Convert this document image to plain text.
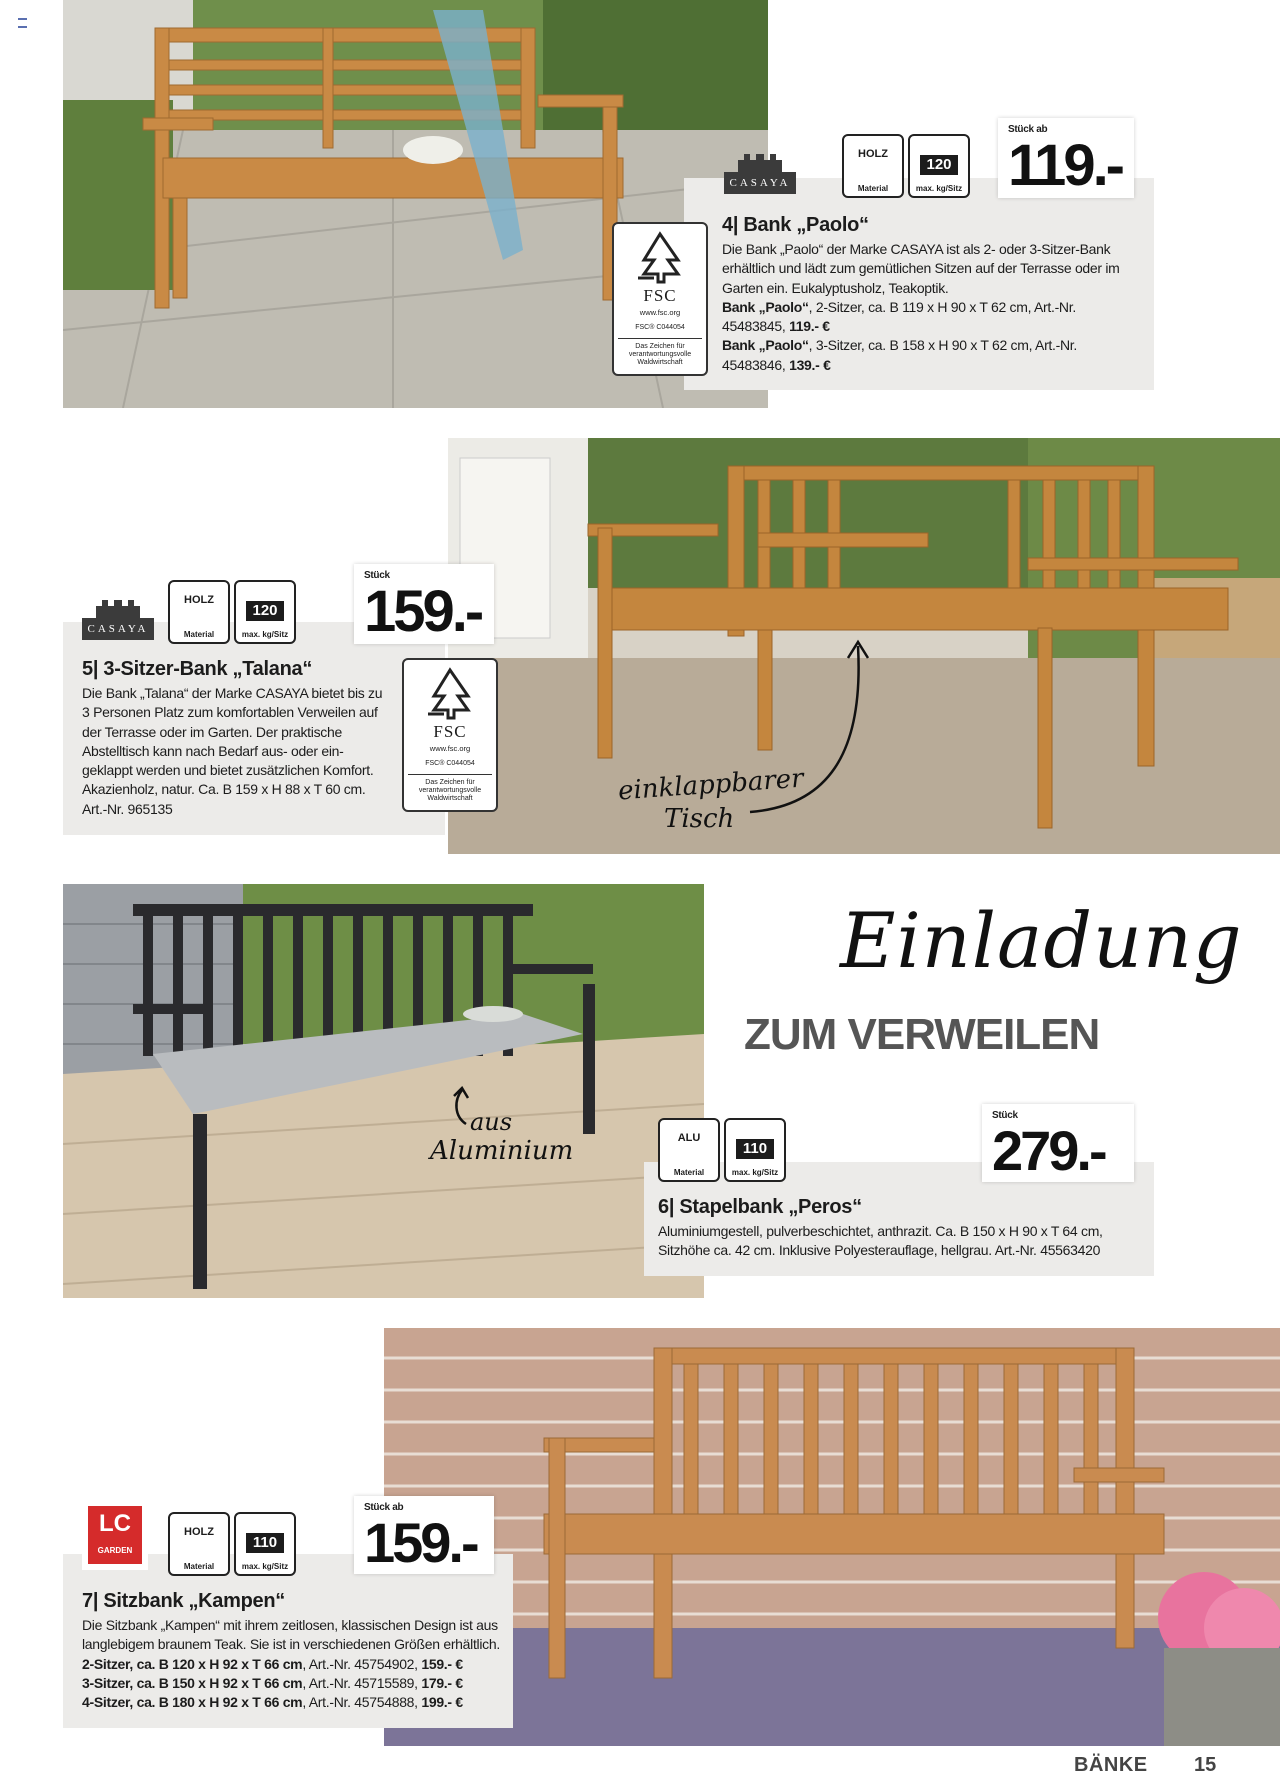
CASAYA
HOLZ
Material
120
max. kg/Sitz
Stück ab
119.-
FSC
www.fsc.org
FSC® C044054
Das Zeichen für verantwortungsvolle Waldwirtschaft
4| Bank „Paolo“
Die Bank „Paolo“ der Marke CASAYA ist als 2- oder 3-Sitzer-Bank erhältlich und lädt zum gemütlichen Sitzen auf der Terrasse oder im Garten ein. Eukalyptusholz, Teakoptik.
Bank „Paolo“, 2-Sitzer, ca. B 119 x H 90 x T 62 cm, Art.-Nr. 45483845, 119.- €
Bank „Paolo“, 3-Sitzer, ca. B 158 x H 90 x T 62 cm, Art.-Nr. 45483846, 139.- €
CASAYA
HOLZ
Material
120
max. kg/Sitz
Stück
159.-
FSC
www.fsc.org
FSC® C044054
Das Zeichen für verantwortungsvolle Waldwirtschaft
5| 3-Sitzer-Bank „Talana“
Die Bank „Talana“ der Marke CASAYA bietet bis zu 3 Personen Platz zum komfortablen Verweilen auf der Terrasse oder im Garten. Der praktische Abstelltisch kann nach Bedarf aus- oder ein-geklappt werden und bietet zusätzlichen Komfort. Akazienholz, natur. Ca. B 159 x H 88 x T 60 cm. Art.-Nr. 965135
einklappbarer
Tisch
Einladung
ZUM VERWEILEN
ALU
Material
110
max. kg/Sitz
Stück
279.-
6| Stapelbank „Peros“
Aluminiumgestell, pulverbeschichtet, anthrazit. Ca. B 150 x H 90 x T 64 cm, Sitzhöhe ca. 42 cm. Inklusive Polyesterauflage, hellgrau. Art.-Nr. 45563420
aus
Aluminium
LC
GARDEN
HOLZ
Material
110
max. kg/Sitz
Stück ab
159.-
7| Sitzbank „Kampen“
Die Sitzbank „Kampen“ mit ihrem zeitlosen, klassischen Design ist aus langlebigem braunem Teak. Sie ist in verschiedenen Größen erhältlich.
2-Sitzer, ca. B 120 x H 92 x T 66 cm, Art.-Nr. 45754902, 159.- €
3-Sitzer, ca. B 150 x H 92 x T 66 cm, Art.-Nr. 45715589, 179.- €
4-Sitzer, ca. B 180 x H 92 x T 66 cm, Art.-Nr. 45754888, 199.- €
BÄNKE 15
